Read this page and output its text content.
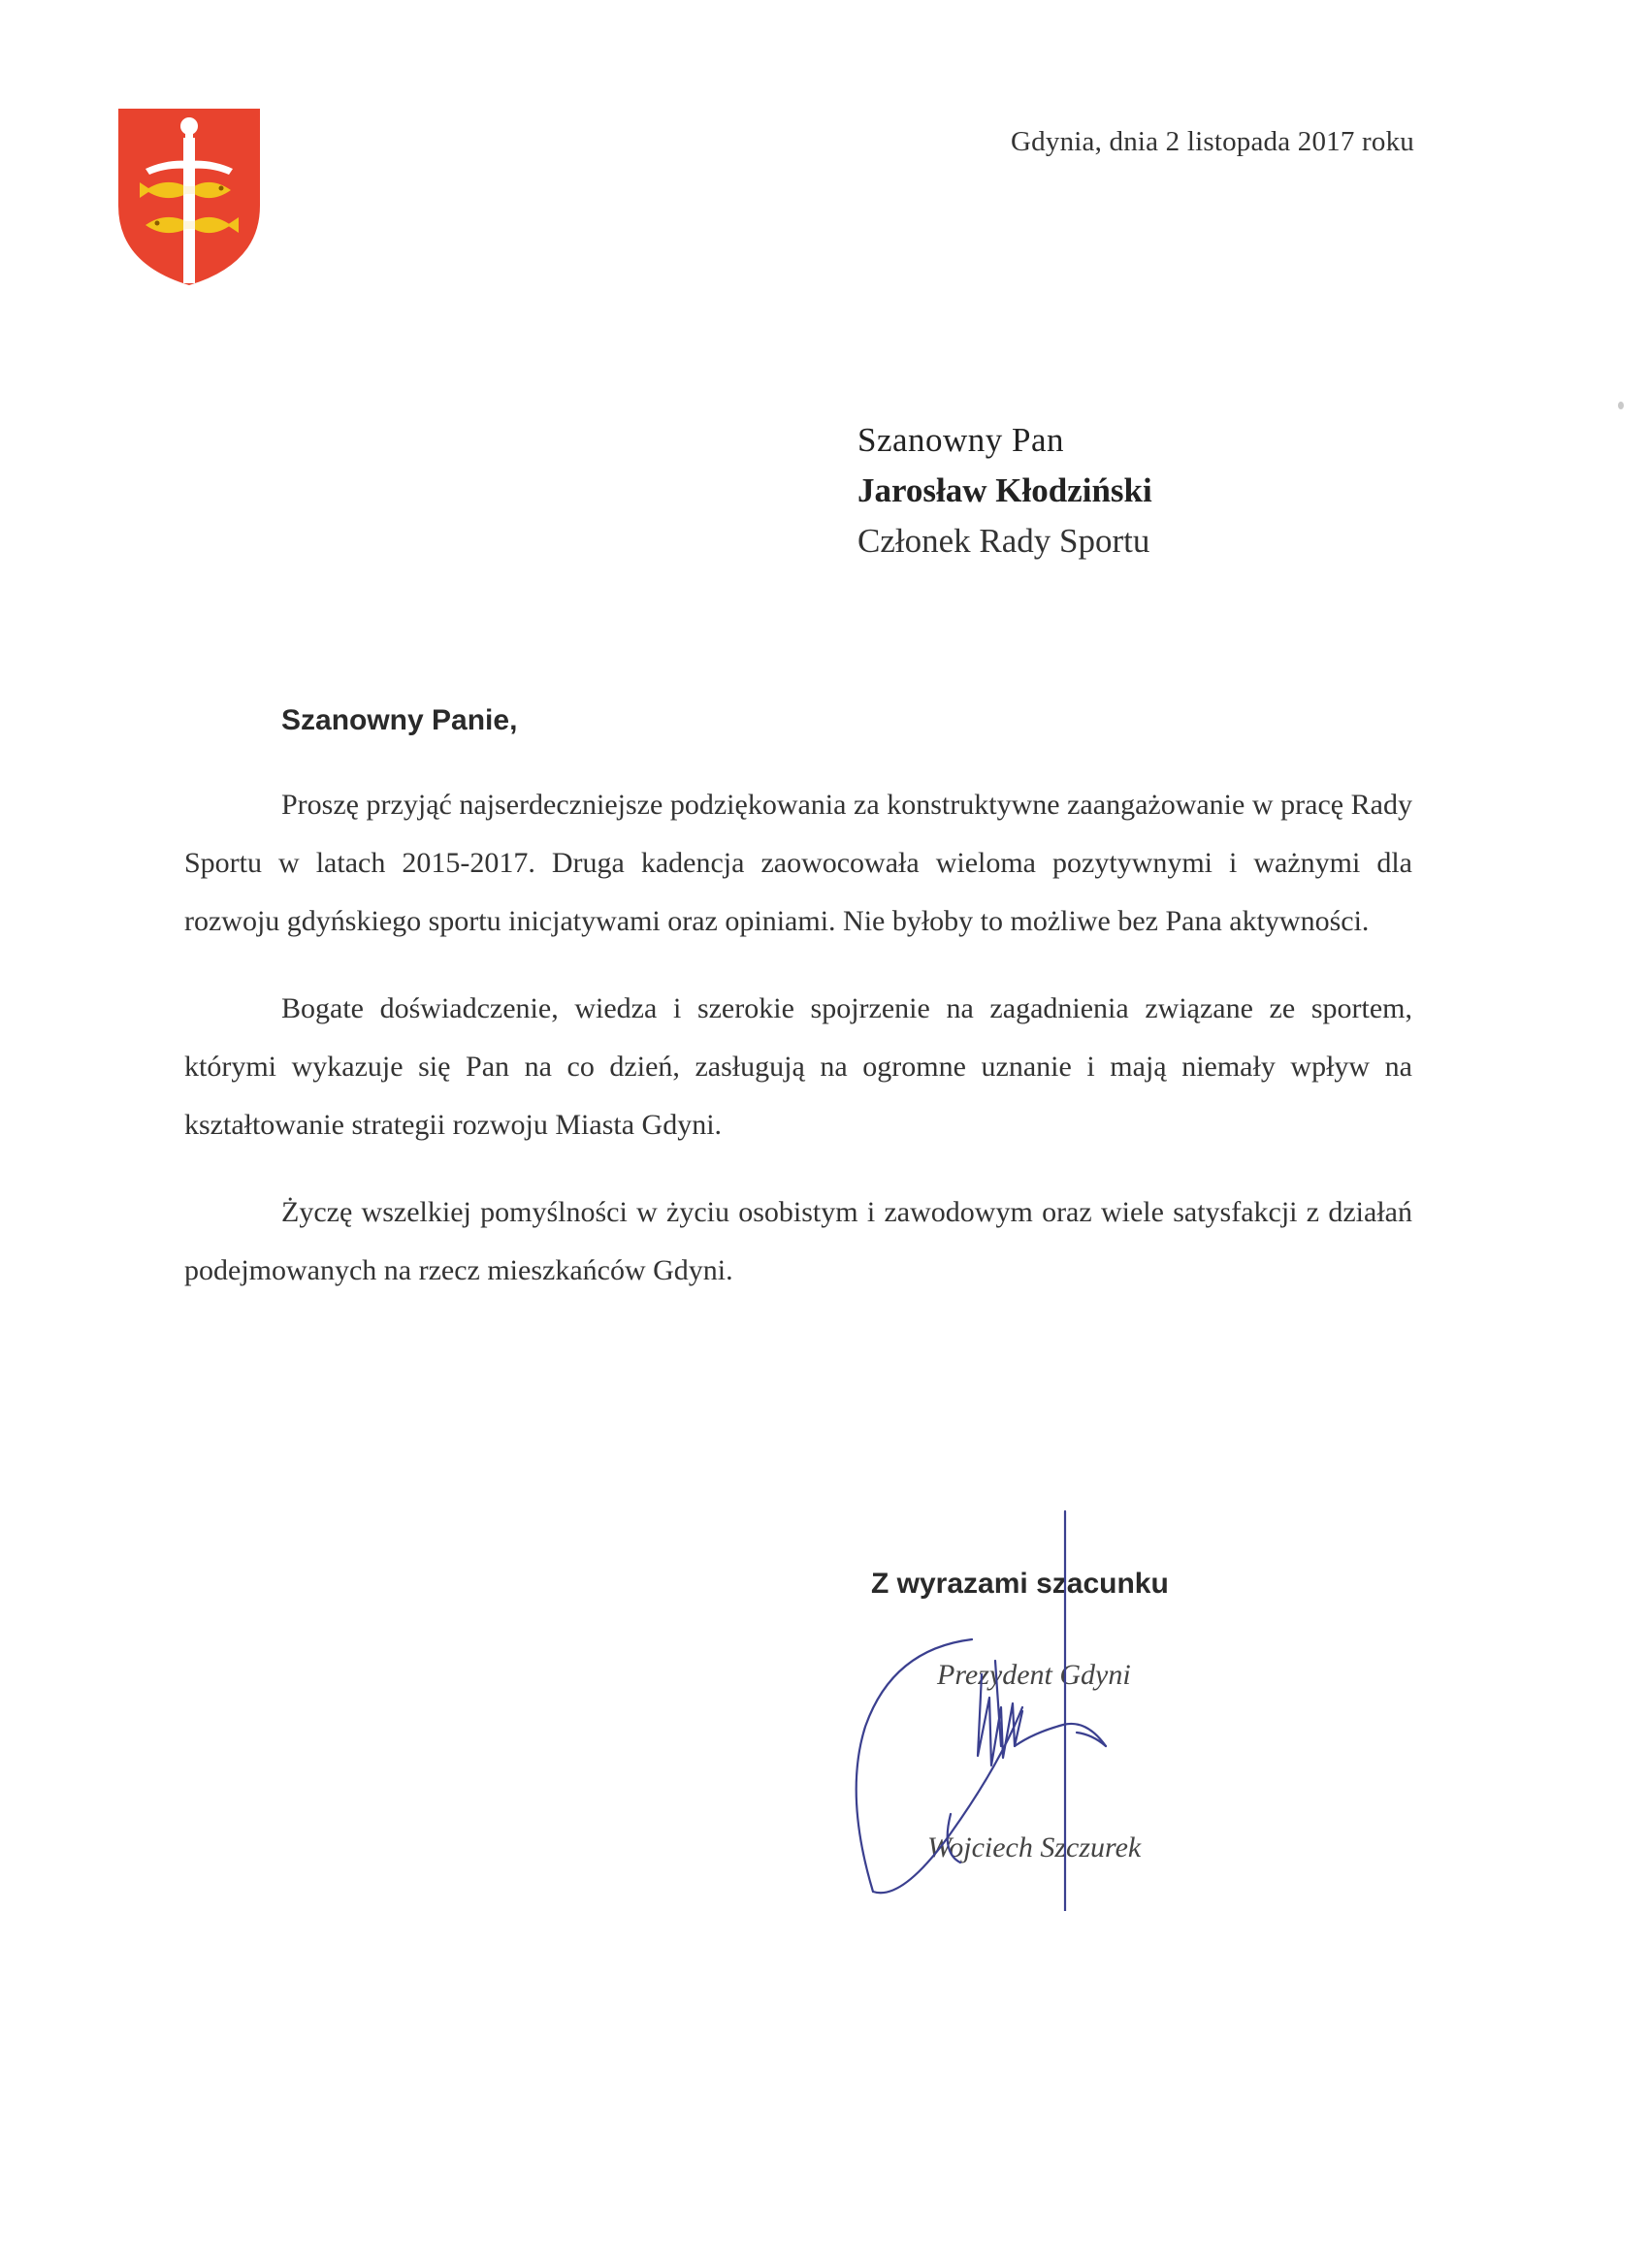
Gdynia, dnia 2 listopada 2017 roku
Szanowny Pan
Jarosław Kłodziński
Członek Rady Sportu
Szanowny Panie,

Proszę przyjąć najserdeczniejsze podziękowania za konstruktywne zaangażowanie w pracę Rady Sportu w latach 2015-2017. Druga kadencja zaowocowała wieloma pozytywnymi i ważnymi dla rozwoju gdyńskiego sportu inicjatywami oraz opiniami. Nie byłoby to możliwe bez Pana aktywności.

Bogate doświadczenie, wiedza i szerokie spojrzenie na zagadnienia związane ze sportem, którymi wykazuje się Pan na co dzień, zasługują na ogromne uznanie i mają niemały wpływ na kształtowanie strategii rozwoju Miasta Gdyni.

Życzę wszelkiej pomyślności w życiu osobistym i zawodowym oraz wiele satysfakcji z działań podejmowanych na rzecz mieszkańców Gdyni.

Z wyrazami szacunku
Prezydent Gdyni
Wojciech Szczurek
